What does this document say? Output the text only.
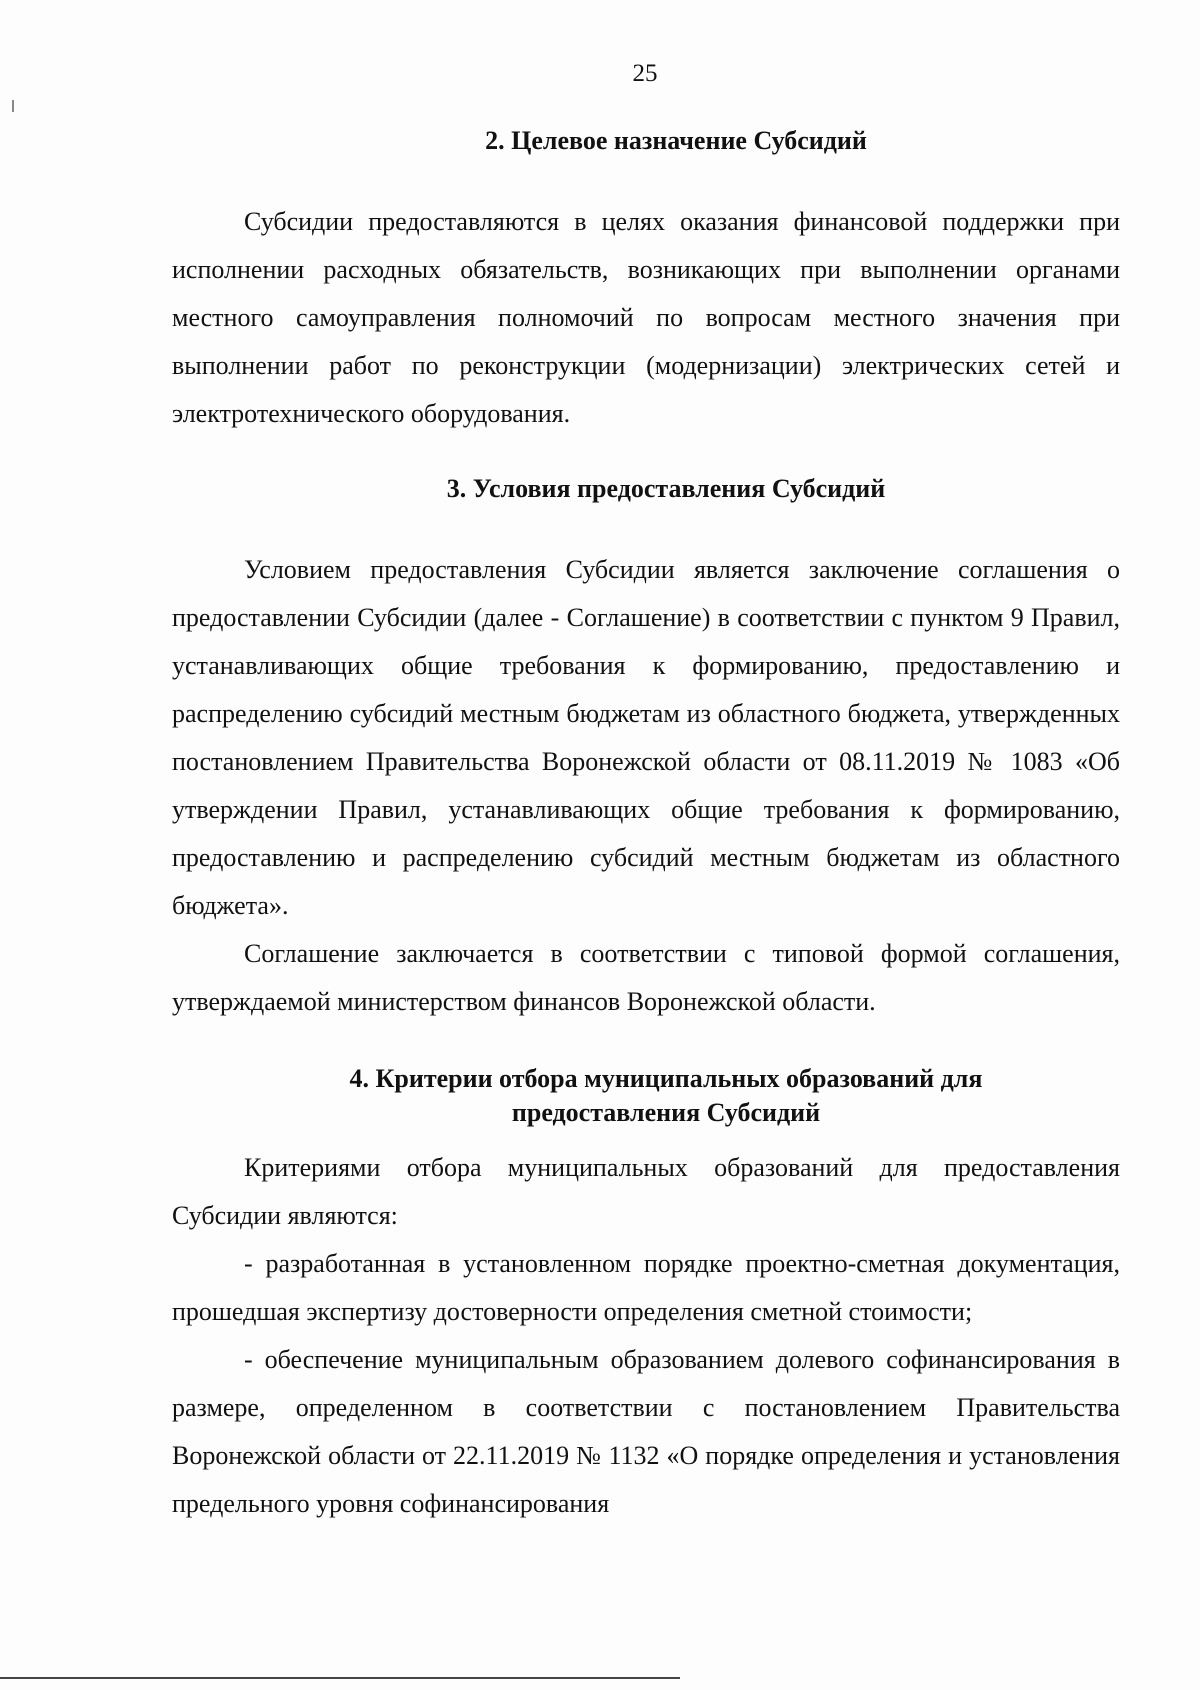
25

2. Целевое назначение Субсидий

Субсидии предоставляются в целях оказания финансовой поддержки при исполнении расходных обязательств, возникающих при выполнении органами местного самоуправления полномочий по вопросам местного значения при выполнении работ по реконструкции (модернизации) электрических сетей и электротехнического оборудования.

3. Условия предоставления Субсидий

Условием предоставления Субсидии является заключение соглашения о предоставлении Субсидии (далее - Соглашение) в соответствии с пунктом 9 Правил, устанавливающих общие требования к формированию, предоставлению и распределению субсидий местным бюджетам из областного бюджета, утвержденных постановлением Правительства Воронежской области от 08.11.2019 № 1083 «Об утверждении Правил, устанавливающих общие требования к формированию, предоставлению и распределению субсидий местным бюджетам из областного бюджета».

Соглашение заключается в соответствии с типовой формой соглашения, утверждаемой министерством финансов Воронежской области.

4. Критерии отбора муниципальных образований для

предоставления Субсидий

Критериями отбора муниципальных образований для предоставления Субсидии являются:

- разработанная в установленном порядке проектно-сметная документация, прошедшая экспертизу достоверности определения сметной стоимости;

- обеспечение муниципальным образованием долевого софинансирования в размере, определенном в соответствии с постановлением Правительства Воронежской области от 22.11.2019 № 1132 «О порядке определения и установления предельного уровня софинансирования
